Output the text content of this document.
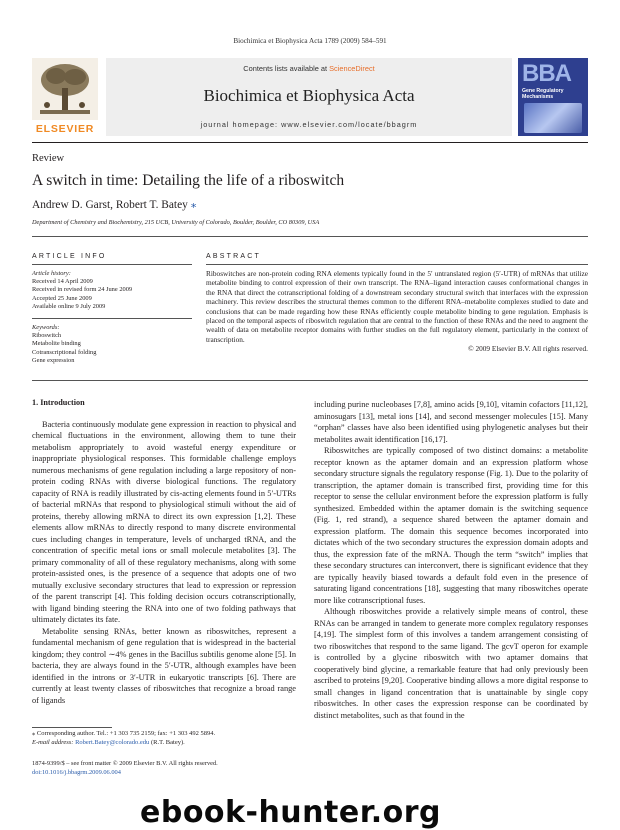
Biochimica et Biophysica Acta 1789 (2009) 584–591
ELSEVIER
Contents lists available at ScienceDirect
Biochimica et Biophysica Acta
journal homepage: www.elsevier.com/locate/bbagrm
BBA
Gene Regulatory Mechanisms
Review
A switch in time: Detailing the life of a riboswitch
Andrew D. Garst, Robert T. Batey ⁎
Department of Chemistry and Biochemistry, 215 UCB, University of Colorado, Boulder, Boulder, CO 80309, USA
ARTICLE INFO	ABSTRACT
Article history:
Received 14 April 2009
Received in revised form 24 June 2009
Accepted 25 June 2009
Available online 9 July 2009
Keywords:
Riboswitch
Metabolite binding
Cotranscriptional folding
Gene expression
Riboswitches are non-protein coding RNA elements typically found in the 5′ untranslated region (5′-UTR) of mRNAs that utilize metabolite binding to control expression of their own transcript. The RNA–ligand interaction causes conformational changes in the RNA that direct the cotranscriptional folding of a downstream secondary structural switch that interfaces with the expression machinery. This review describes the structural themes common to the different RNA–metabolite complexes studied to date and conclusions that can be made regarding how these RNAs efficiently couple metabolite binding to gene regulation. Emphasis is placed on the temporal aspects of riboswitch regulation that are central to the function of these RNAs and the need to augment the wealth of data on metabolite receptor domains with further studies on the full regulatory element, particularly in the context of transcription.
© 2009 Elsevier B.V. All rights reserved.
1. Introduction

Bacteria continuously modulate gene expression in reaction to physical and chemical fluctuations in the environment, allowing them to tune their metabolism appropriately to avoid wasteful energy expenditure or inappropriate physiological responses. This formidable challenge employs numerous mechanisms of gene regulation including a large repository of non-protein coding RNAs with diverse biological functions. The regulatory capacity of RNA is readily illustrated by cis-acting elements found in 5′-UTRs of bacterial mRNAs that respond to physiological stimuli without the aid of proteins, thereby allowing mRNA to direct its own expression [1,2]. These elements allow mRNAs to directly respond to many discrete environmental cues including changes in temperature, levels of uncharged tRNA, and the concentration of specific metal ions or small molecule metabolites [3]. The primary commonality of all of these regulatory mechanisms, along with some protein-assisted ones, is the presence of a sequence that adopts one of two mutually exclusive secondary structures that lead to expression or repression of the parent transcript [4]. This folding decision occurs cotranscriptionally, with ligand binding steering the RNA into one of two folding pathways that ultimately dictates its fate.

Metabolite sensing RNAs, better known as riboswitches, represent a fundamental mechanism of gene regulation that is widespread in the bacterial kingdom; they control ∼4% genes in the Bacillus subtilis genome alone [5]. In bacteria, they are always found in the 5′-UTR, although examples have been identified in the introns or 3′-UTR in eukaryotic transcripts [6]. There are currently at least twenty classes of riboswitches that recognize a broad range of ligands

including purine nucleobases [7,8], amino acids [9,10], vitamin cofactors [11,12], aminosugars [13], metal ions [14], and second messenger molecules [15]. Many “orphan” classes have also been identified using phylogenetic analyses but their metabolites await identification [16,17].

Riboswitches are typically composed of two distinct domains: a metabolite receptor known as the aptamer domain and an expression platform whose secondary structure signals the regulatory response (Fig. 1). Due to the polarity of transcription, the aptamer domain is transcribed first, providing time for this receptor to sense the cellular environment before the expression platform is fully synthesized. Embedded within the aptamer domain is the switching sequence (Fig. 1, red strand), a sequence shared between the aptamer domain and expression platform. The domain this sequence becomes incorporated into dictates which of the two secondary structures the expression domain adopts and thus, the expression fate of the mRNA. Though the term “switch” implies that these secondary structures can interconvert, there is significant evidence that they are typically heavily biased towards a default fold even in the presence of saturating ligand concentrations [18], suggesting that many riboswitches operate more like cotranscriptional fuses.

Although riboswitches provide a relatively simple means of control, these RNAs can be arranged in tandem to generate more complex regulatory responses [4,19]. The simplest form of this involves a tandem arrangement consisting of two riboswitches that respond to the same ligand. The gcvT operon for example is controlled by a glycine riboswitch with two aptamer domains that cooperatively bind glycine, a remarkable feature that had only previously been ascribed to proteins [9,20]. Cooperative binding allows a more digital response to small changes in ligand concentration that is unattainable by single copy riboswitches. In other cases the expression response can be coordinated by distinct metabolites, such as that found in the

⁎ Corresponding author. Tel.: +1 303 735 2159; fax: +1 303 492 5894.
E-mail address: Robert.Batey@colorado.edu (R.T. Batey).
1874-9399/$ – see front matter © 2009 Elsevier B.V. All rights reserved.
doi:10.1016/j.bbagrm.2009.06.004
ebook-hunter.org
